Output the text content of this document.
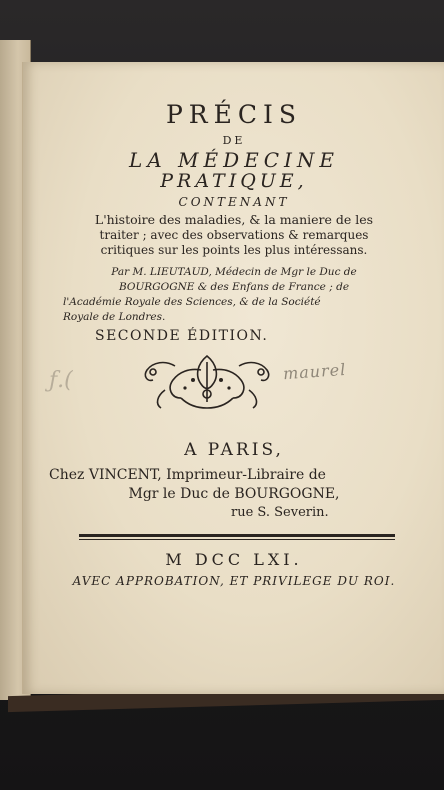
PRÉCIS
DE
LA MÉDECINE
PRATIQUE,
CONTENANT
L'histoire des maladies, & la maniere de les
traiter ; avec des observations & remarques
critiques sur les points les plus intéressans.
Par M. LIEUTAUD, Médecin de Mgr le Duc de
BOURGOGNE & des Enfans de France ; de
l'Académie Royale des Sciences, & de la Société
Royale de Londres.
SECONDE ÉDITION.
ƒ.(	maurel
A PARIS,
Chez VINCENT, Imprimeur-Libraire de
Mgr le Duc de BOURGOGNE,
rue S. Severin.
M DCC LXI.
AVEC APPROBATION, ET PRIVILEGE DU ROI.
